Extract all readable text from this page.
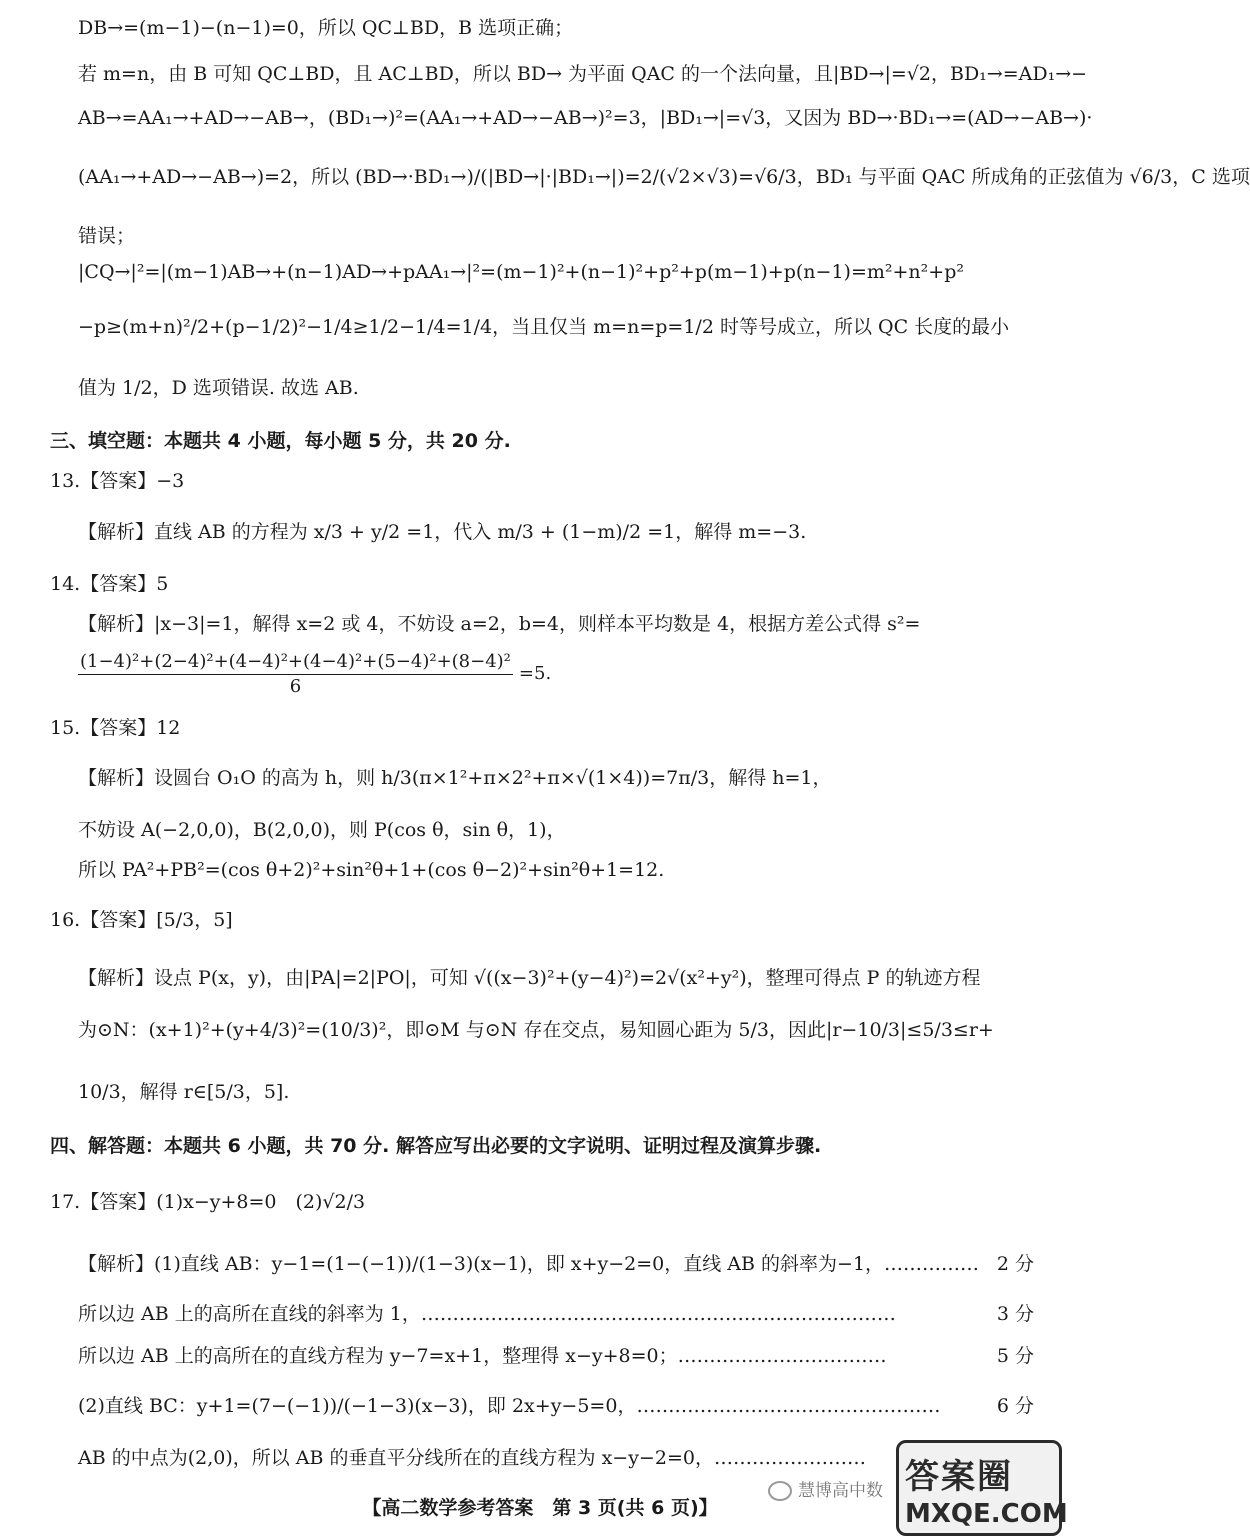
DB→=(m−1)−(n−1)=0，所以 QC⊥BD，B 选项正确；
若 m=n，由 B 可知 QC⊥BD，且 AC⊥BD，所以 BD→ 为平面 QAC 的一个法向量，且|BD→|=√2，BD₁→=AD₁→−
AB→=AA₁→+AD→−AB→，(BD₁→)²=(AA₁→+AD→−AB→)²=3，|BD₁→|=√3，又因为 BD→·BD₁→=(AD→−AB→)·
(AA₁→+AD→−AB→)=2，所以 (BD→·BD₁→)/(|BD→|·|BD₁→|)=2/(√2×√3)=√6/3，BD₁ 与平面 QAC 所成角的正弦值为 √6/3，C 选项
错误；
|CQ→|²=|(m−1)AB→+(n−1)AD→+pAA₁→|²=(m−1)²+(n−1)²+p²+p(m−1)+p(n−1)=m²+n²+p²
−p≥(m+n)²/2+(p−1/2)²−1/4≥1/2−1/4=1/4，当且仅当 m=n=p=1/2 时等号成立，所以 QC 长度的最小
值为 1/2，D 选项错误. 故选 AB.
三、填空题：本题共 4 小题，每小题 5 分，共 20 分.
13.【答案】−3
【解析】直线 AB 的方程为 x/3 + y/2 =1，代入 m/3 + (1−m)/2 =1，解得 m=−3.
14.【答案】5
【解析】|x−3|=1，解得 x=2 或 4，不妨设 a=2，b=4，则样本平均数是 4，根据方差公式得 s²=
(1−4)²+(2−4)²+(4−4)²+(4−4)²+(5−4)²+(8−4)²
=5.
6
15.【答案】12
【解析】设圆台 O₁O 的高为 h，则 h/3(π×1²+π×2²+π×√(1×4))=7π/3，解得 h=1，
不妨设 A(−2,0,0)，B(2,0,0)，则 P(cos θ，sin θ，1)，
所以 PA²+PB²=(cos θ+2)²+sin²θ+1+(cos θ−2)²+sin²θ+1=12.
16.【答案】[5/3，5]
【解析】设点 P(x，y)，由|PA|=2|PO|，可知 √((x−3)²+(y−4)²)=2√(x²+y²)，整理可得点 P 的轨迹方程
为⊙N：(x+1)²+(y+4/3)²=(10/3)²，即⊙M 与⊙N 存在交点，易知圆心距为 5/3，因此|r−10/3|≤5/3≤r+
10/3，解得 r∈[5/3，5].
四、解答题：本题共 6 小题，共 70 分. 解答应写出必要的文字说明、证明过程及演算步骤.
17.【答案】(1)x−y+8=0　(2)√2/3
【解析】(1)直线 AB：y−1=(1−(−1))/(1−3)(x−1)，即 x+y−2=0，直线 AB 的斜率为−1，…………… 2 分
所以边 AB 上的高所在直线的斜率为 1，…………………………………………………………………	3 分
所以边 AB 上的高所在的直线方程为 y−7=x+1，整理得 x−y+8=0；……………………………	5 分
(2)直线 BC：y+1=(7−(−1))/(−1−3)(x−3)，即 2x+y−5=0，…………………………………………	6 分
AB 的中点为(2,0)，所以 AB 的垂直平分线所在的直线方程为 x−y−2=0，……………………
慧博高中数 答案圈
MXQE.COM
【高二数学参考答案　第 3 页(共 6 页)】
